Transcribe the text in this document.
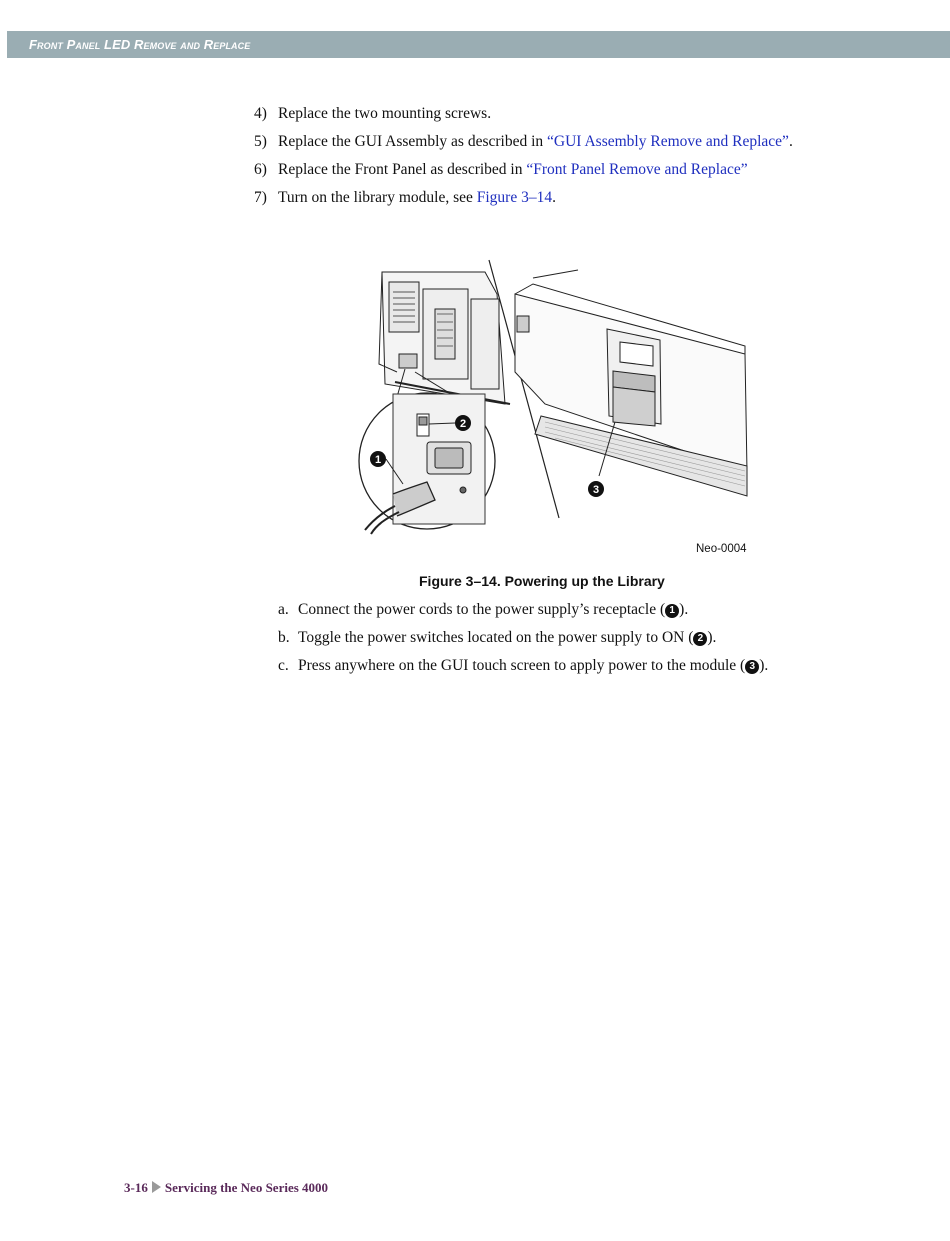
Front Panel LED Remove and Replace
4) Replace the two mounting screws.
5) Replace the GUI Assembly as described in “GUI Assembly Remove and Replace”.
6) Replace the Front Panel as described in “Front Panel Remove and Replace”
7) Turn on the library module, see Figure 3–14.
1
2
3
Neo-0004
Figure 3–14. Powering up the Library
a. Connect the power cords to the power supply’s receptacle ( 1 ).
b. Toggle the power switches located on the power supply to ON ( 2 ).
c. Press anywhere on the GUI touch screen to apply power to the module ( 3 ).
3-16 Servicing the Neo Series 4000
